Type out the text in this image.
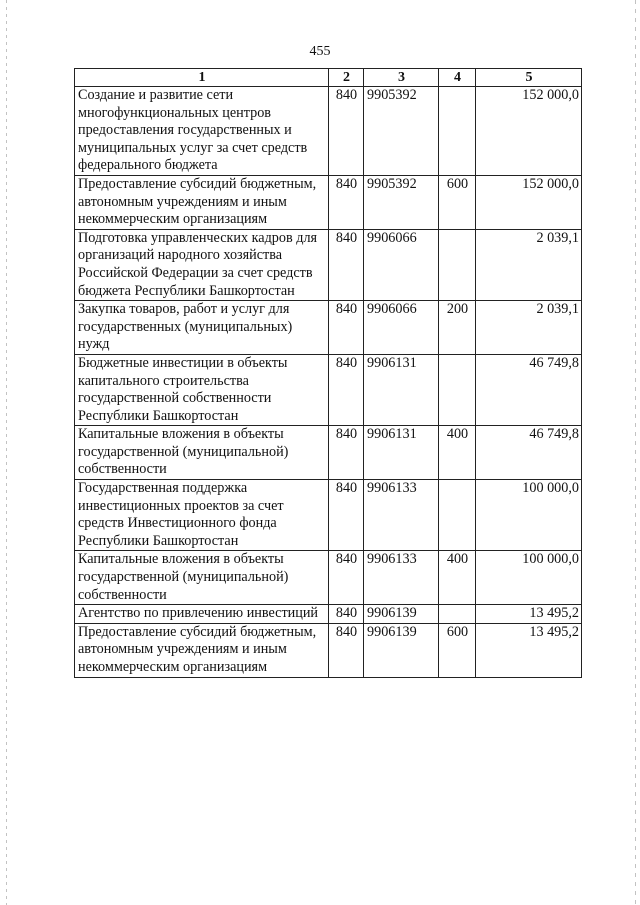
455
1	2	3	4	5
Создание и развитие сети многофункциональных центров предоставления государственных и муниципальных услуг за счет средств федерального бюджета	840	9905392		152 000,0
Предоставление субсидий бюджетным, автономным учреждениям и иным некоммерческим организациям	840	9905392	600	152 000,0
Подготовка управленческих кадров для организаций народного хозяйства Российской Федерации за счет средств бюджета Республики Башкортостан	840	9906066		2 039,1
Закупка товаров, работ и услуг для государственных (муниципальных) нужд	840	9906066	200	2 039,1
Бюджетные инвестиции в объекты капитального строительства государственной собственности Республики Башкортостан	840	9906131		46 749,8
Капитальные вложения в объекты государственной (муниципальной) собственности	840	9906131	400	46 749,8
Государственная поддержка инвестиционных проектов за счет средств Инвестиционного фонда Республики Башкортостан	840	9906133		100 000,0
Капитальные вложения в объекты государственной (муниципальной) собственности	840	9906133	400	100 000,0
Агентство по привлечению инвестиций	840	9906139		13 495,2
Предоставление субсидий бюджетным, автономным учреждениям и иным некоммерческим организациям	840	9906139	600	13 495,2
